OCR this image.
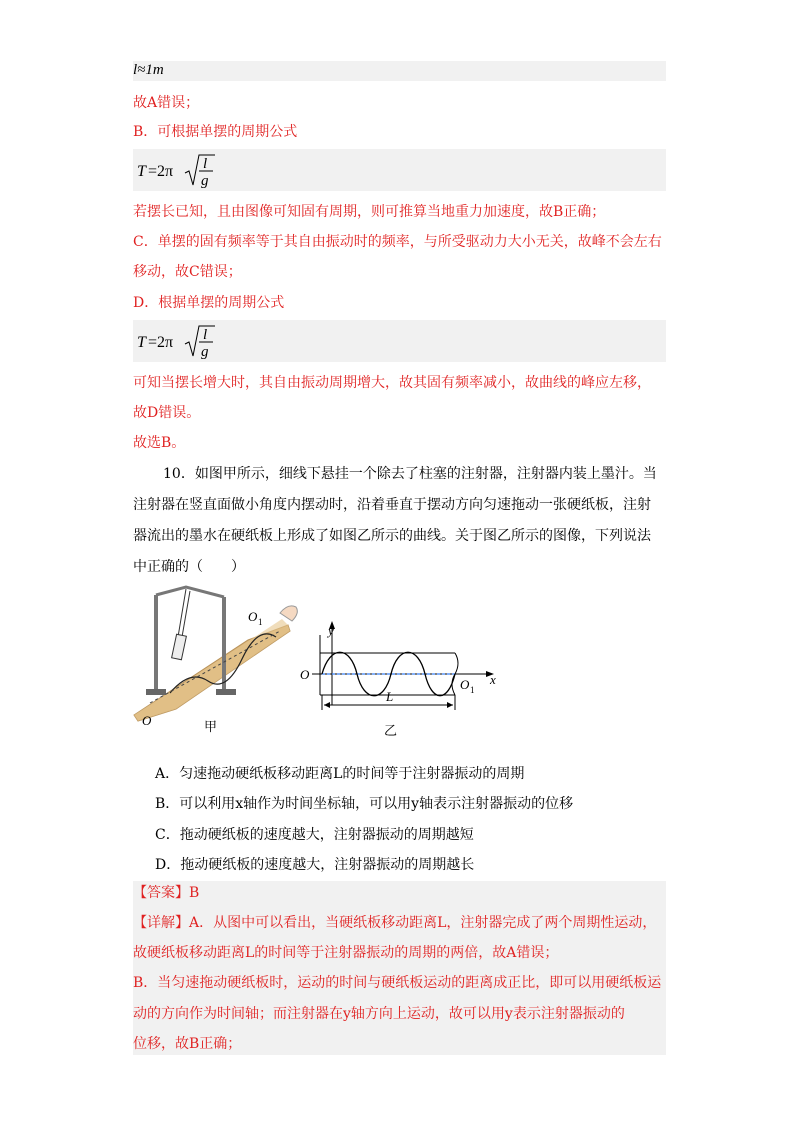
l≈1m
故A错误；
B．可根据单摆的周期公式
T =2π l
g
若摆长已知，且由图像可知固有周期，则可推算当地重力加速度，故B正确；
C．单摆的固有频率等于其自由振动时的频率，与所受驱动力大小无关，故峰不会左右
移动，故C错误；
D．根据单摆的周期公式
T =2π l
g
可知当摆长增大时，其自由振动周期增大，故其固有频率减小，故曲线的峰应左移，
故D错误。
故选B。
10．如图甲所示，细线下悬挂一个除去了柱塞的注射器，注射器内装上墨汁。当
注射器在竖直面做小角度内摆动时，沿着垂直于摆动方向匀速拖动一张硬纸板，注射
器流出的墨水在硬纸板上形成了如图乙所示的曲线。关于图乙所示的图像，下列说法
中正确的（　　）
O 1
O	甲
y
x
O
O 1
L
乙
A．匀速拖动硬纸板移动距离L的时间等于注射器振动的周期
B．可以利用x轴作为时间坐标轴，可以用y轴表示注射器振动的位移
C．拖动硬纸板的速度越大，注射器振动的周期越短
D．拖动硬纸板的速度越大，注射器振动的周期越长
【答案】B
【详解】A．从图中可以看出，当硬纸板移动距离L，注射器完成了两个周期性运动，
故硬纸板移动距离L的时间等于注射器振动的周期的两倍，故A错误；
B．当匀速拖动硬纸板时，运动的时间与硬纸板运动的距离成正比，即可以用硬纸板运
动的方向作为时间轴；而注射器在y轴方向上运动，故可以用y表示注射器振动的
位移，故B正确；
